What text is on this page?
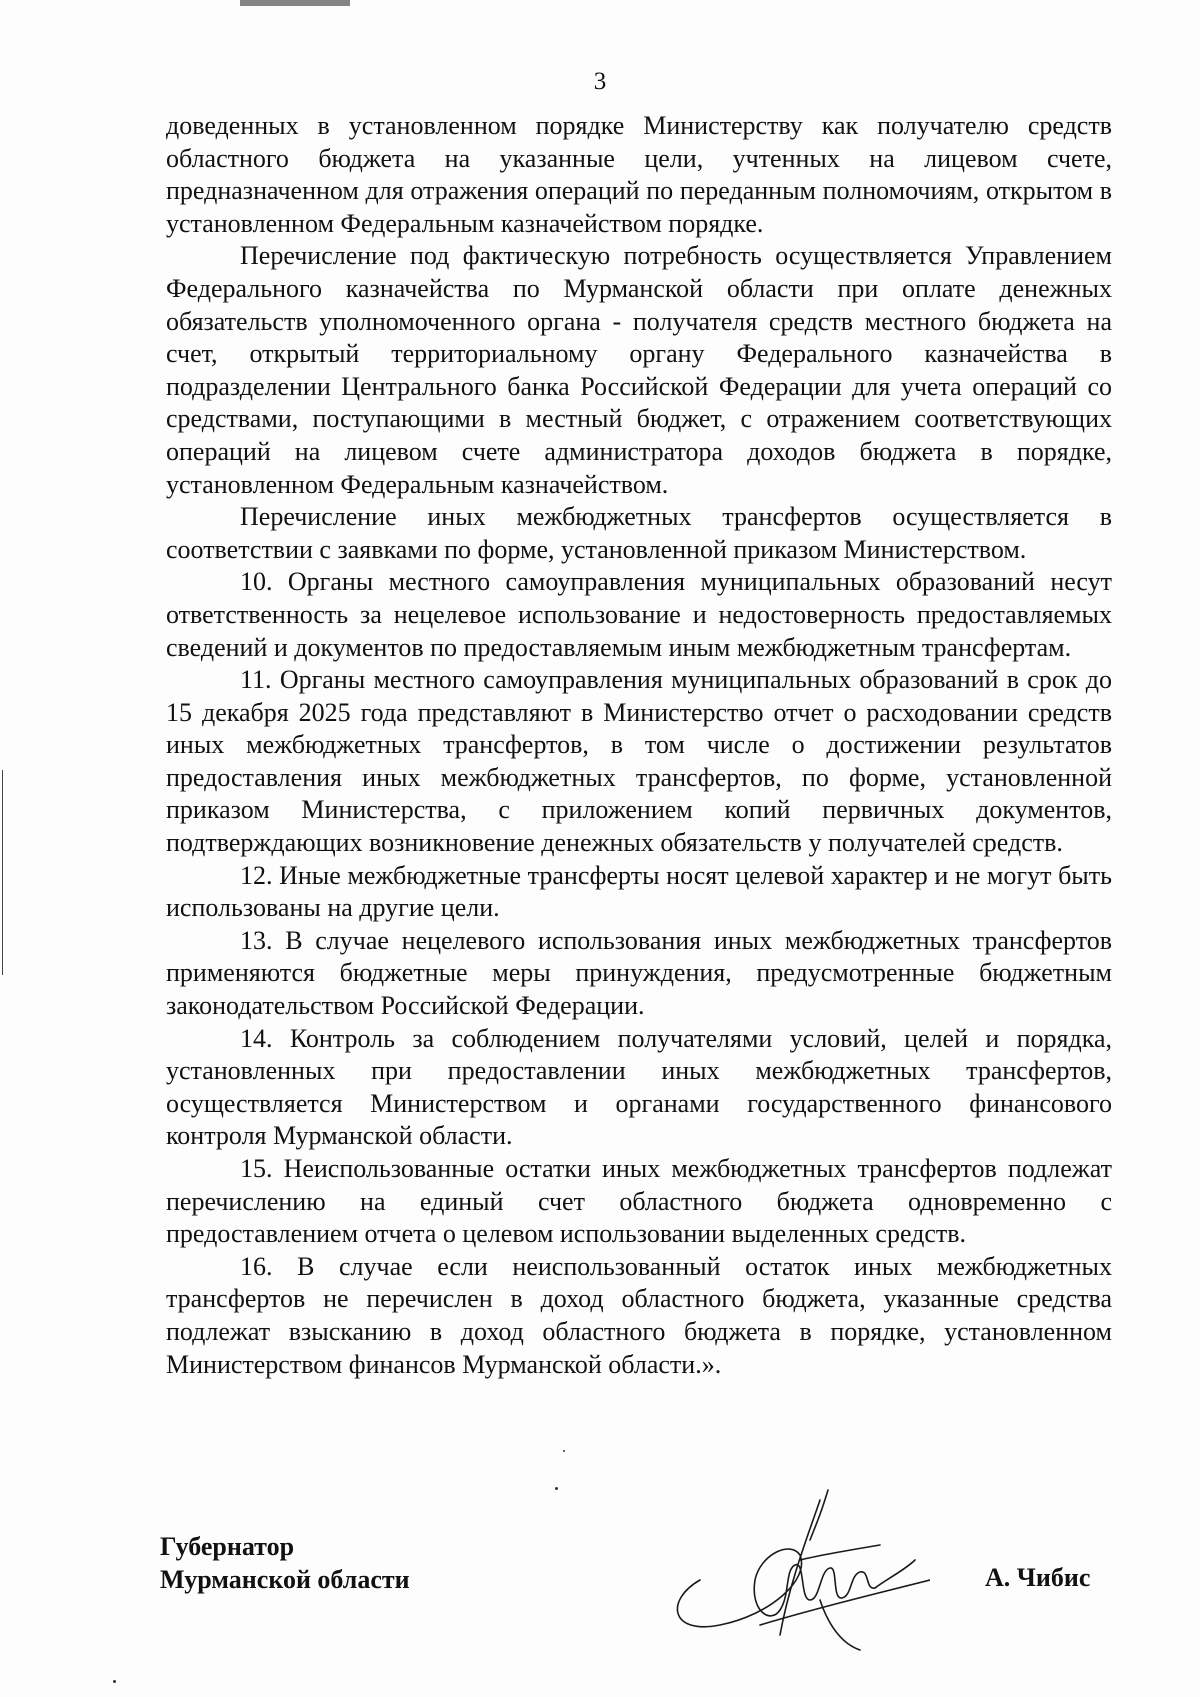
3

доведенных в установленном порядке Министерству как получателю средств областного бюджета на указанные цели, учтенных на лицевом счете, предназначенном для отражения операций по переданным полномочиям, открытом в установленном Федеральным казначейством порядке.

Перечисление под фактическую потребность осуществляется Управлением Федерального казначейства по Мурманской области при оплате денежных обязательств уполномоченного органа - получателя средств местного бюджета на счет, открытый территориальному органу Федерального казначейства в подразделении Центрального банка Российской Федерации для учета операций со средствами, поступающими в местный бюджет, с отражением соответствующих операций на лицевом счете администратора доходов бюджета в порядке, установленном Федеральным казначейством.

Перечисление иных межбюджетных трансфертов осуществляется в соответствии с заявками по форме, установленной приказом Министерством.

10. Органы местного самоуправления муниципальных образований несут ответственность за нецелевое использование и недостоверность предоставляемых сведений и документов по предоставляемым иным межбюджетным трансфертам.

11. Органы местного самоуправления муниципальных образований в срок до 15 декабря 2025 года представляют в Министерство отчет о расходовании средств иных межбюджетных трансфертов, в том числе о достижении результатов предоставления иных межбюджетных трансфертов, по форме, установленной приказом Министерства, с приложением копий первичных документов, подтверждающих возникновение денежных обязательств у получателей средств.

12. Иные межбюджетные трансферты носят целевой характер и не могут быть использованы на другие цели.

13. В случае нецелевого использования иных межбюджетных трансфертов применяются бюджетные меры принуждения, предусмотренные бюджетным законодательством Российской Федерации.

14. Контроль за соблюдением получателями условий, целей и порядка, установленных при предоставлении иных межбюджетных трансфертов, осуществляется Министерством и органами государственного финансового контроля Мурманской области.

15. Неиспользованные остатки иных межбюджетных трансфертов подлежат перечислению на единый счет областного бюджета одновременно с предоставлением отчета о целевом использовании выделенных средств.

16. В случае если неиспользованный остаток иных межбюджетных трансфертов не перечислен в доход областного бюджета, указанные средства подлежат взысканию в доход областного бюджета в порядке, установленном Министерством финансов Мурманской области.».

Губернатор
Мурманской области	А. Чибис
